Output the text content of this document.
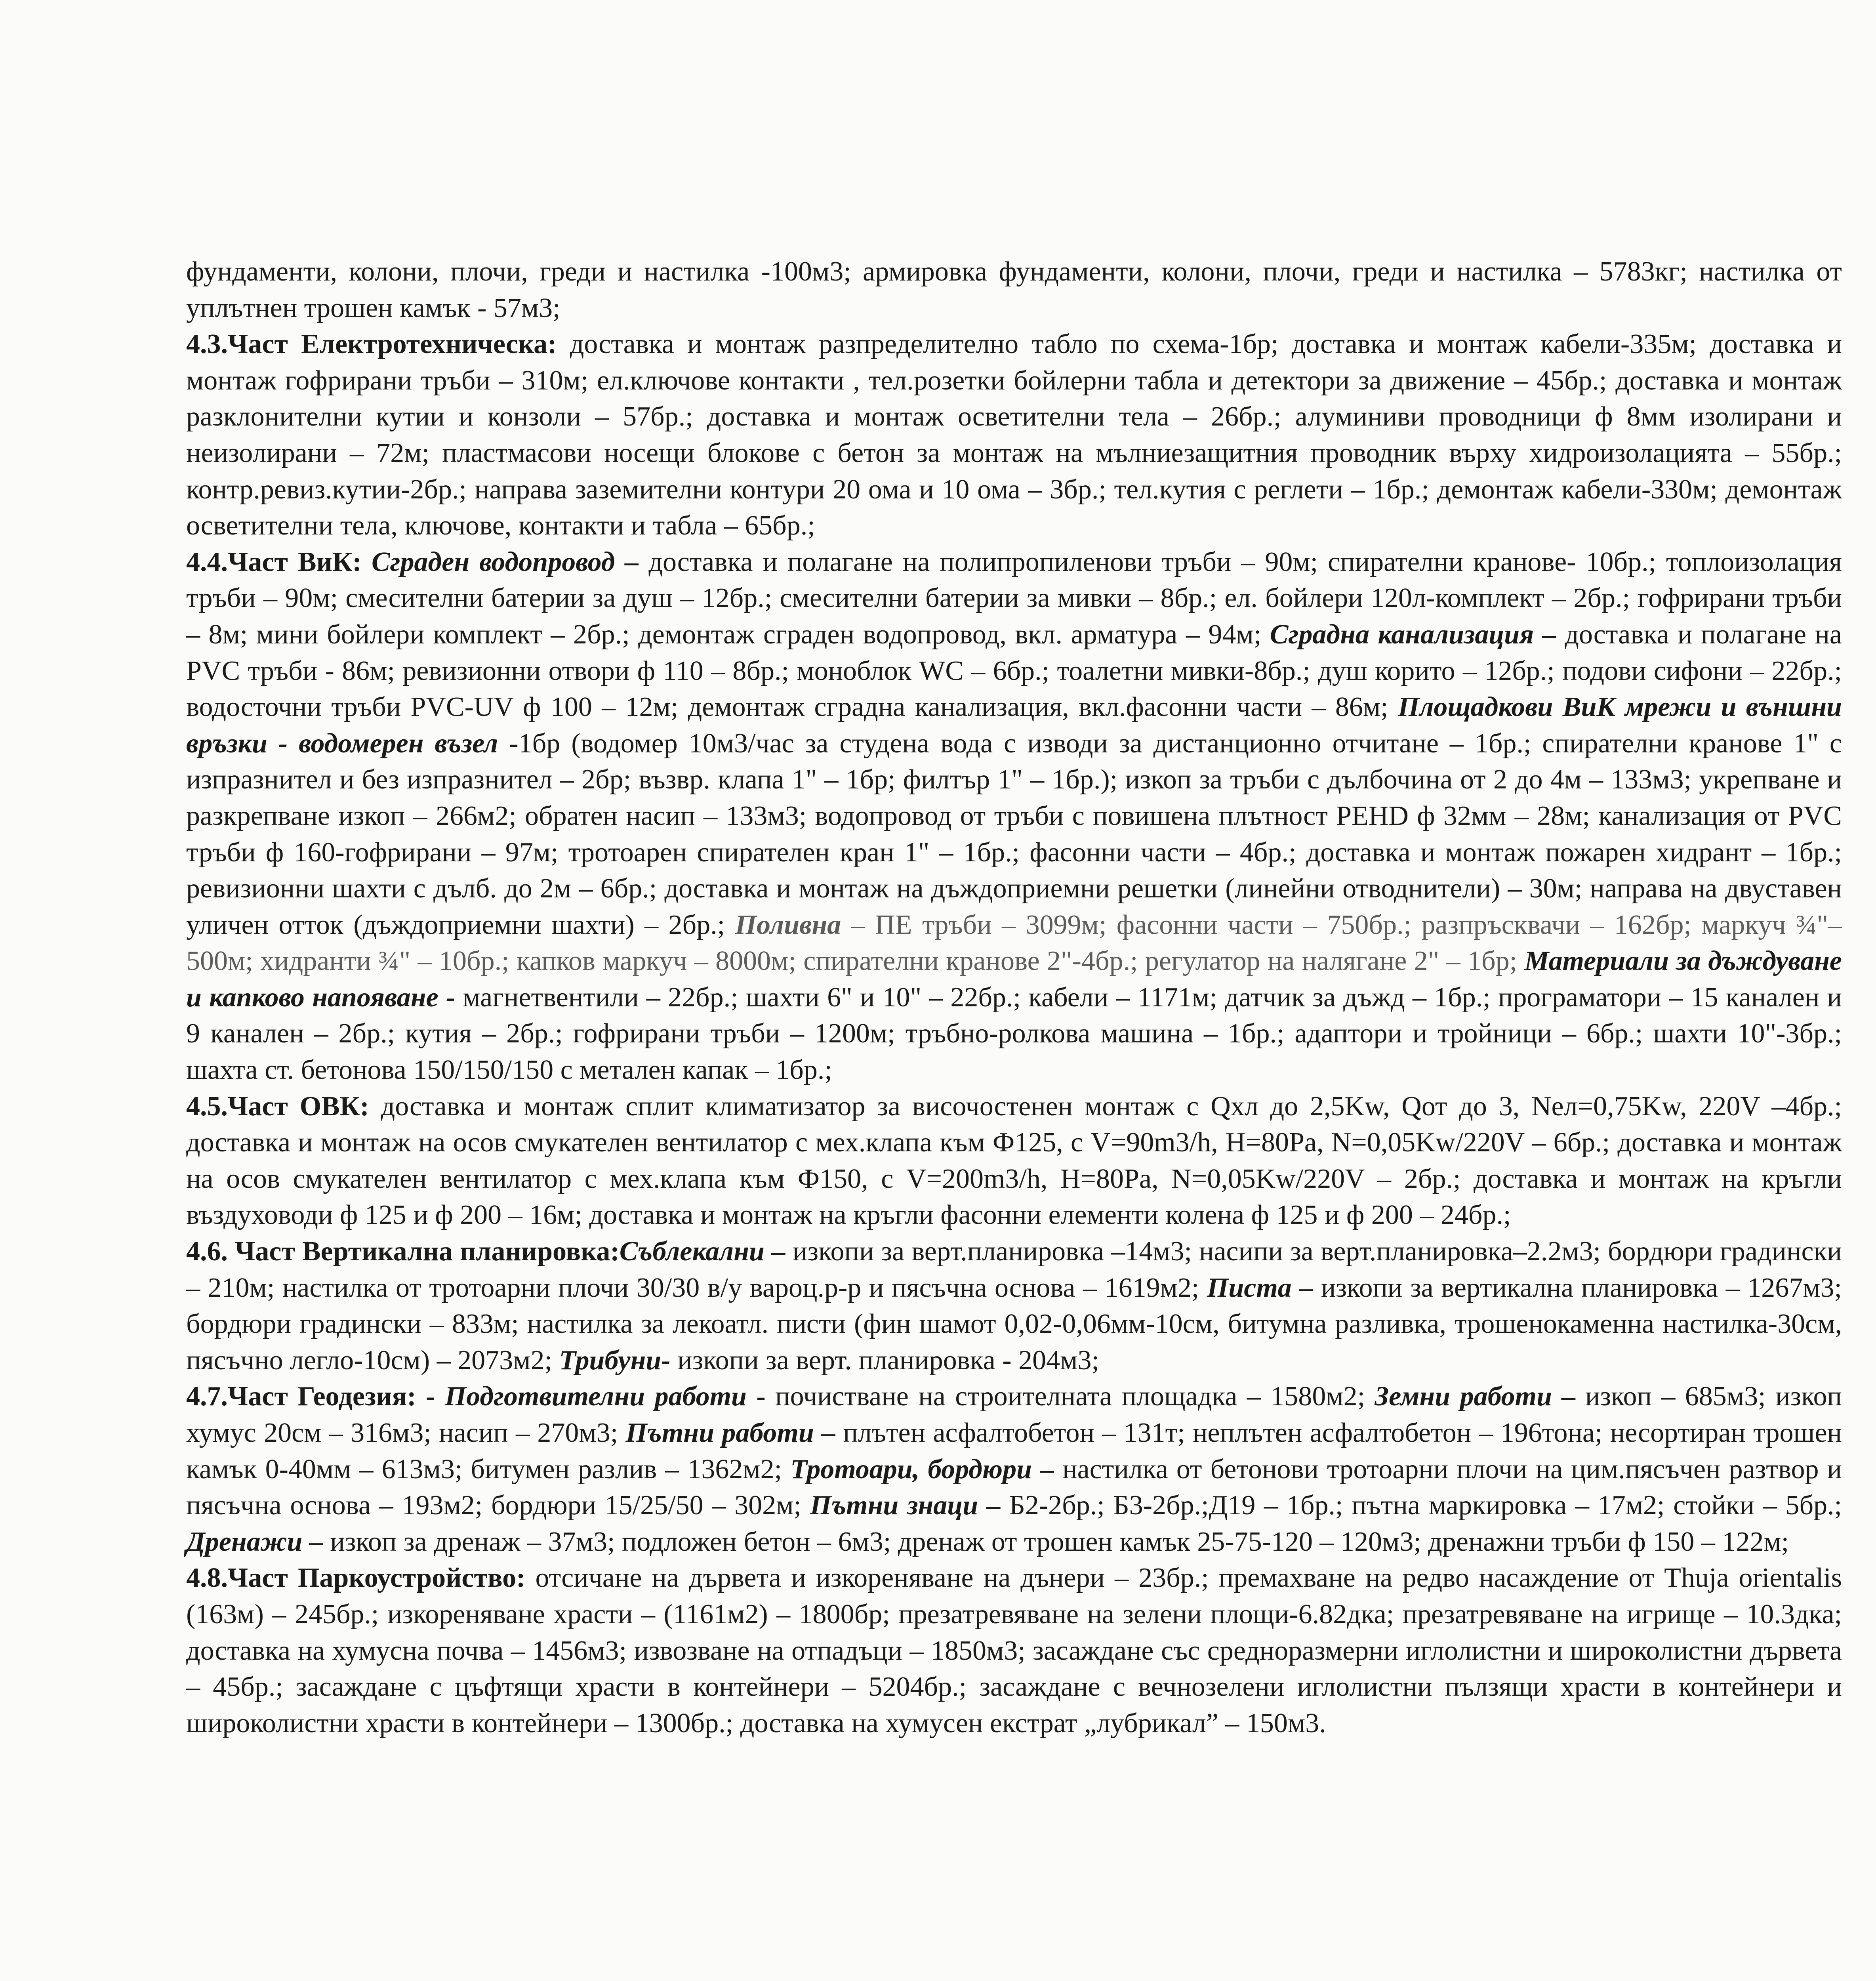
фундаменти, колони, плочи, греди и настилка -100м3; армировка фундаменти, колони, плочи, греди и настилка – 5783кг; настилка от уплътнен трошен камък - 57м3;

4.3.Част Електротехническа: доставка и монтаж разпределително табло по схема-1бр; доставка и монтаж кабели-335м; доставка и монтаж гофрирани тръби – 310м; ел.ключове контакти , тел.розетки бойлерни табла и детектори за движение – 45бр.; доставка и монтаж разклонителни кутии и конзоли – 57бр.; доставка и монтаж осветителни тела – 26бр.; алуминиви проводници ф 8мм изолирани и неизолирани – 72м; пластмасови носещи блокове с бетон за монтаж на мълниезащитния проводник върху хидроизолацията – 55бр.; контр.ревиз.кутии-2бр.; направа заземителни контури 20 ома и 10 ома – 3бр.; тел.кутия с реглети – 1бр.; демонтаж кабели-330м; демонтаж осветителни тела, ключове, контакти и табла – 65бр.;

4.4.Част ВиК: Сграден водопровод – доставка и полагане на полипропиленови тръби – 90м; спирателни кранове- 10бр.; топлоизолация тръби – 90м; смесителни батерии за душ – 12бр.; смесителни батерии за мивки – 8бр.; ел. бойлери 120л-комплект – 2бр.; гофрирани тръби – 8м; мини бойлери комплект – 2бр.; демонтаж сграден водопровод, вкл. арматура – 94м; Сградна канализация – доставка и полагане на PVC тръби - 86м; ревизионни отвори ф 110 – 8бр.; моноблок WC – 6бр.; тоалетни мивки-8бр.; душ корито – 12бр.; подови сифони – 22бр.; водосточни тръби PVC-UV ф 100 – 12м; демонтаж сградна канализация, вкл.фасонни части – 86м; Площадкови ВиК мрежи и външни връзки - водомерен възел -1бр (водомер 10м3/час за студена вода с изводи за дистанционно отчитане – 1бр.; спирателни кранове 1" с изпразнител и без изпразнител – 2бр; възвр. клапа 1" – 1бр; филтър 1" – 1бр.); изкоп за тръби с дълбочина от 2 до 4м – 133м3; укрепване и разкрепване изкоп – 266м2; обратен насип – 133м3; водопровод от тръби с повишена плътност PEHD ф 32мм – 28м; канализация от PVC тръби ф 160-гофрирани – 97м; тротоарен спирателен кран 1" – 1бр.; фасонни части – 4бр.; доставка и монтаж пожарен хидрант – 1бр.; ревизионни шахти с дълб. до 2м – 6бр.; доставка и монтаж на дъждоприемни решетки (линейни отводнители) – 30м; направа на двустaвен уличен отток (дъждоприемни шахти) – 2бр.; Поливна – ПЕ тръби – 3099м; фасонни части – 750бр.; разпръсквачи – 162бр; маркуч ¾"– 500м; хидранти ¾" – 10бр.; капков маркуч – 8000м; спирателни кранове 2"-4бр.; регулатор на налягане 2" – 1бр; Материали за дъждуване и капково напояване - магнетвентили – 22бр.; шахти 6" и 10" – 22бр.; кабели – 1171м; датчик за дъжд – 1бр.; програматори – 15 канален и 9 канален – 2бр.; кутия – 2бр.; гофрирани тръби – 1200м; тръбно-ролкова машина – 1бр.; адаптори и тройници – 6бр.; шахти 10"-3бр.; шахта ст. бетонова 150/150/150 с метален капак – 1бр.;

4.5.Част ОВК: доставка и монтаж сплит климатизатор за височостенен монтаж с Qхл до 2,5Kw, Qот до 3, Nел=0,75Kw, 220V –4бр.; доставка и монтаж на осов смукателен вентилатор с мех.клапа към Ф125, с V=90m3/h, H=80Pa, N=0,05Kw/220V – 6бр.; доставка и монтаж на осов смукателен вентилатор с мех.клапа към Ф150, с V=200m3/h, H=80Pa, N=0,05Kw/220V – 2бр.; доставка и монтаж на кръгли въздуховоди ф 125 и ф 200 – 16м; доставка и монтаж на кръгли фасонни елементи колена ф 125 и ф 200 – 24бр.;

4.6. Част Вертикална планировка:Съблекални – изкопи за верт.планировка –14м3; насипи за верт.планировка–2.2м3; бордюри градински – 210м; настилка от тротоарни плочи 30/30 в/у вароц.р-р и пясъчна основа – 1619м2; Писта – изкопи за вертикална планировка – 1267м3; бордюри градински – 833м; настилка за лекоатл. писти (фин шамот 0,02-0,06мм-10см, битумна разливка, трошенокаменна настилка-30см, пясъчно легло-10см) – 2073м2; Трибуни- изкопи за верт. планировка - 204м3;

4.7.Част Геодезия: - Подготвителни работи - почистване на строителната площадка – 1580м2; Земни работи – изкоп – 685м3; изкоп хумус 20см – 316м3; насип – 270м3; Пътни работи – плътен асфалтобетон – 131т; неплътен асфалтобетон – 196тона; несортиран трошен камък 0-40мм – 613м3; битумен разлив – 1362м2; Тротоари, бордюри – настилка от бетонови тротоарни плочи на цим.пясъчен разтвор и пясъчна основа – 193м2; бордюри 15/25/50 – 302м; Пътни знаци – Б2-2бр.; Б3-2бр.;Д19 – 1бр.; пътна маркировка – 17м2; стойки – 5бр.; Дренажи – изкоп за дренаж – 37м3; подложен бетон – 6м3; дренаж от трошен камък 25-75-120 – 120м3; дренажни тръби ф 150 – 122м;

4.8.Част Паркоустройство: отсичане на дървета и изкореняване на дънери – 23бр.; премахване на редво насаждение от Thuja orientalis (163м) – 245бр.; изкореняване храсти – (1161м2) – 1800бр; презатревяване на зелени площи-6.82дка; презатревяване на игрище – 10.3дка; доставка на хумусна почва – 1456м3; извозване на отпадъци – 1850м3; засаждане със средноразмерни иглолистни и широколистни дървета – 45бр.; засаждане с цъфтящи храсти в контейнери – 5204бр.; засаждане с вечнозелени иглолистни пълзящи храсти в контейнери и широколистни храсти в контейнери – 1300бр.; доставка на хумусен екстрат „лубрикал” – 150м3.
